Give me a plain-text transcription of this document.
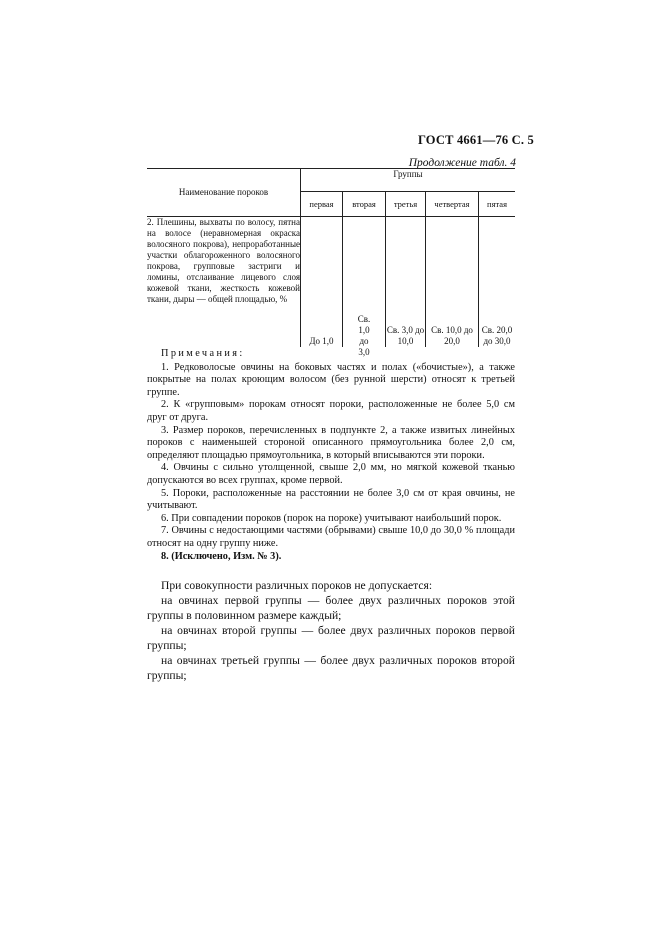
ГОСТ 4661—76 С. 5
Продолжение табл. 4
Наименование пороков	Группы				
	первая	вторая	третья	четвертая	пятая
2. Плешины, выхваты по волосу, пятна на волосе (неравномерная окраска волосяного покрова), непроработанные участки облагороженного волосяного покрова, групповые застриги и ломины, отслаивание лицевого слоя кожевой ткани, жесткость кожевой ткани, дыры — общей площадью, %	До 1,0	Св. 1,0 до 3,0	Св. 3,0 до 10,0	Св. 10,0 до 20,0	Св. 20,0 до 30,0

Примечания:

1. Редковолосые овчины на боковых частях и полах («бочистые»), а также покрытые на полах кроющим волосом (без рунной шерсти) относят к третьей группе.

2. К «групповым» порокам относят пороки, расположенные не более 5,0 см друг от друга.

3. Размер пороков, перечисленных в подпункте 2, а также извитых линейных пороков с наименьшей стороной описанного прямоугольника более 2,0 см, определяют площадью прямоугольника, в который вписываются эти пороки.

4. Овчины с сильно утолщенной, свыше 2,0 мм, но мягкой кожевой тканью допускаются во всех группах, кроме первой.

5. Пороки, расположенные на расстоянии не более 3,0 см от края овчины, не учитывают.

6. При совпадении пороков (порок на пороке) учитывают наибольший порок.

7. Овчины с недостающими частями (обрывами) свыше 10,0 до 30,0 % площади относят на одну группу ниже.

8. (Исключено, Изм. № 3).

При совокупности различных пороков не допускается:

на овчинах первой группы — более двух различных пороков этой группы в половинном размере каждый;

на овчинах второй группы — более двух различных пороков первой группы;

на овчинах третьей группы — более двух различных пороков второй группы;
